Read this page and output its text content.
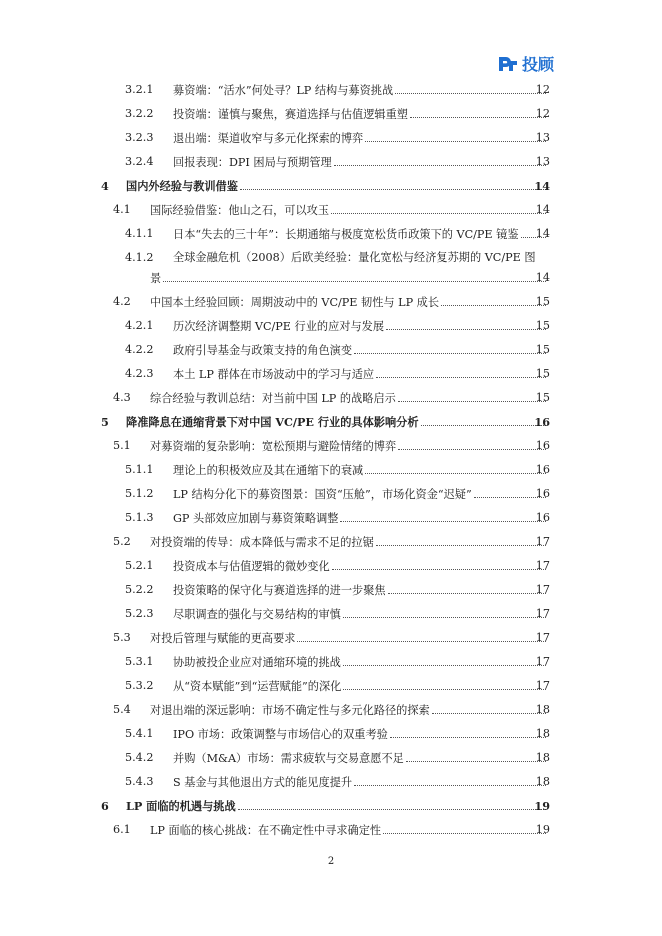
投顾
3.2.1 募资端：“活水”何处寻？LP 结构与募资挑战	12
3.2.2 投资端：谨慎与聚焦，赛道选择与估值逻辑重塑	12
3.2.3 退出端：渠道收窄与多元化探索的博弈	13
3.2.4 回报表现：DPI 困局与预期管理	13
4 国内外经验与教训借鉴	14
4.1 国际经验借鉴：他山之石，可以攻玉	14
4.1.1 日本“失去的三十年”：长期通缩与极度宽松货币政策下的 VC/PE 镜鉴 14
4.1.2 全球金融危机（2008）后欧美经验：量化宽松与经济复苏期的 VC/PE 图
景	14
4.2 中国本土经验回顾：周期波动中的 VC/PE 韧性与 LP 成长	15
4.2.1 历次经济调整期 VC/PE 行业的应对与发展	15
4.2.2 政府引导基金与政策支持的角色演变	15
4.2.3 本土 LP 群体在市场波动中的学习与适应	15
4.3 综合经验与教训总结：对当前中国 LP 的战略启示	15
5 降准降息在通缩背景下对中国 VC/PE 行业的具体影响分析	16
5.1 对募资端的复杂影响：宽松预期与避险情绪的博弈	16
5.1.1 理论上的积极效应及其在通缩下的衰减	16
5.1.2 LP 结构分化下的募资图景：国资“压舱”，市场化资金“迟疑”	16
5.1.3 GP 头部效应加剧与募资策略调整	16
5.2 对投资端的传导：成本降低与需求不足的拉锯	17
5.2.1 投资成本与估值逻辑的微妙变化	17
5.2.2 投资策略的保守化与赛道选择的进一步聚焦	17
5.2.3 尽职调查的强化与交易结构的审慎	17
5.3 对投后管理与赋能的更高要求	17
5.3.1 协助被投企业应对通缩环境的挑战	17
5.3.2 从“资本赋能”到“运营赋能”的深化	17
5.4 对退出端的深远影响：市场不确定性与多元化路径的探索	18
5.4.1 IPO 市场：政策调整与市场信心的双重考验	18
5.4.2 并购（M&A）市场：需求疲软与交易意愿不足	18
5.4.3 S 基金与其他退出方式的能见度提升	18
6 LP 面临的机遇与挑战	19
6.1 LP 面临的核心挑战：在不确定性中寻求确定性	19
2
